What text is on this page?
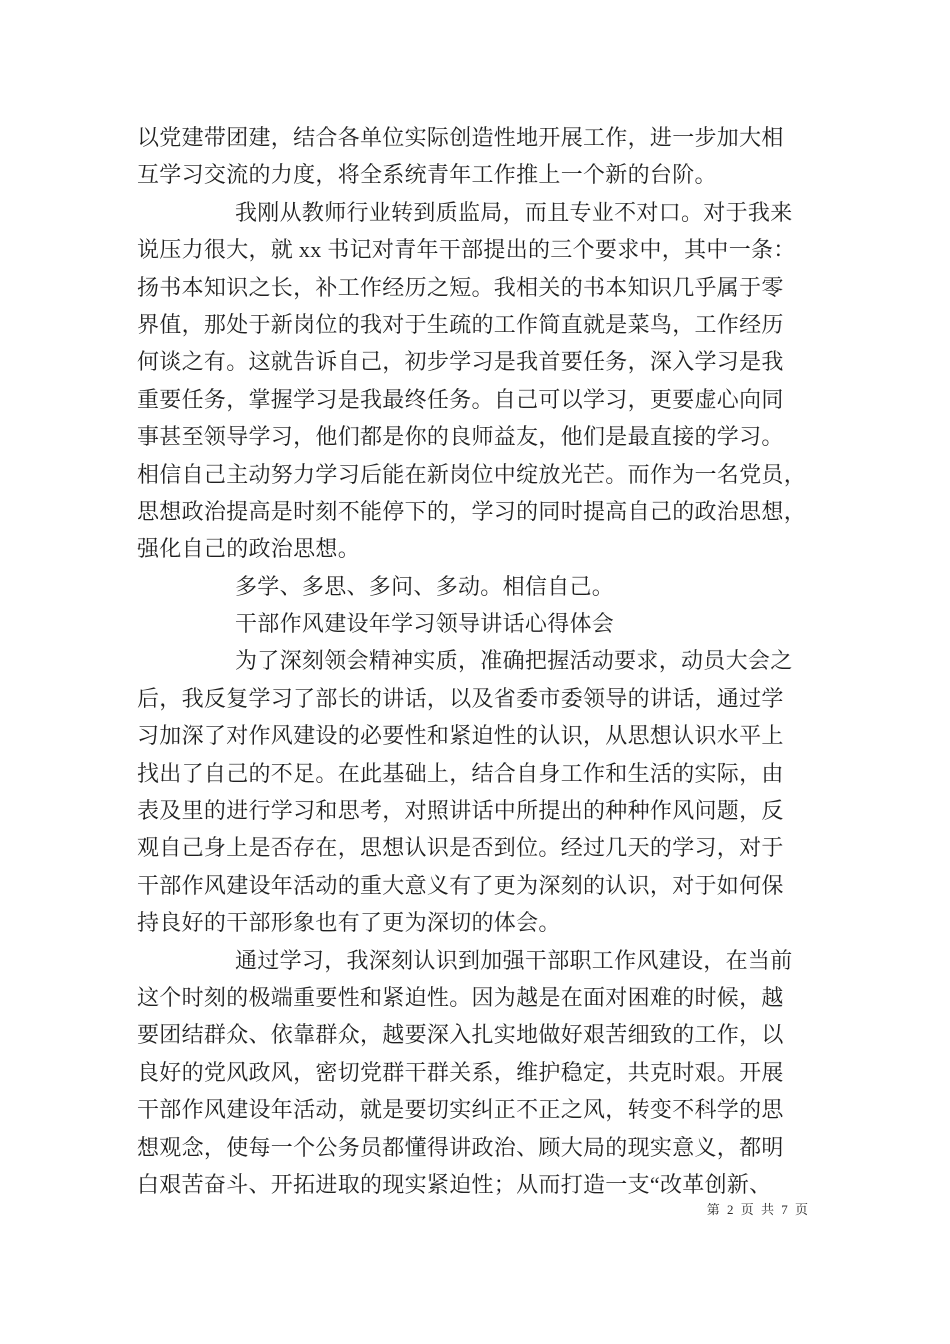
以党建带团建，结合各单位实际创造性地开展工作，进一步加大相
互学习交流的力度，将全系统青年工作推上一个新的台阶。
我刚从教师行业转到质监局，而且专业不对口。对于我来
说压力很大，就 xx 书记对青年干部提出的三个要求中，其中一条：
扬书本知识之长，补工作经历之短。我相关的书本知识几乎属于零
界值，那处于新岗位的我对于生疏的工作简直就是菜鸟，工作经历
何谈之有。这就告诉自己，初步学习是我首要任务，深入学习是我
重要任务，掌握学习是我最终任务。自己可以学习，更要虚心向同
事甚至领导学习，他们都是你的良师益友，他们是最直接的学习。
相信自己主动努力学习后能在新岗位中绽放光芒。而作为一名党员，
思想政治提高是时刻不能停下的，学习的同时提高自己的政治思想，
强化自己的政治思想。
多学、多思、多问、多动。相信自己。
干部作风建设年学习领导讲话心得体会
为了深刻领会精神实质，准确把握活动要求，动员大会之
后，我反复学习了部长的讲话，以及省委市委领导的讲话，通过学
习加深了对作风建设的必要性和紧迫性的认识，从思想认识水平上
找出了自己的不足。在此基础上，结合自身工作和生活的实际，由
表及里的进行学习和思考，对照讲话中所提出的种种作风问题，反
观自己身上是否存在，思想认识是否到位。经过几天的学习，对于
干部作风建设年活动的重大意义有了更为深刻的认识，对于如何保
持良好的干部形象也有了更为深切的体会。
通过学习，我深刻认识到加强干部职工作风建设，在当前
这个时刻的极端重要性和紧迫性。因为越是在面对困难的时候，越
要团结群众、依靠群众，越要深入扎实地做好艰苦细致的工作，以
良好的党风政风，密切党群干群关系，维护稳定，共克时艰。开展
干部作风建设年活动，就是要切实纠正不正之风，转变不科学的思
想观念，使每一个公务员都懂得讲政治、顾大局的现实意义，都明
白艰苦奋斗、开拓进取的现实紧迫性；从而打造一支“改革创新、
第 2 页 共 7 页
